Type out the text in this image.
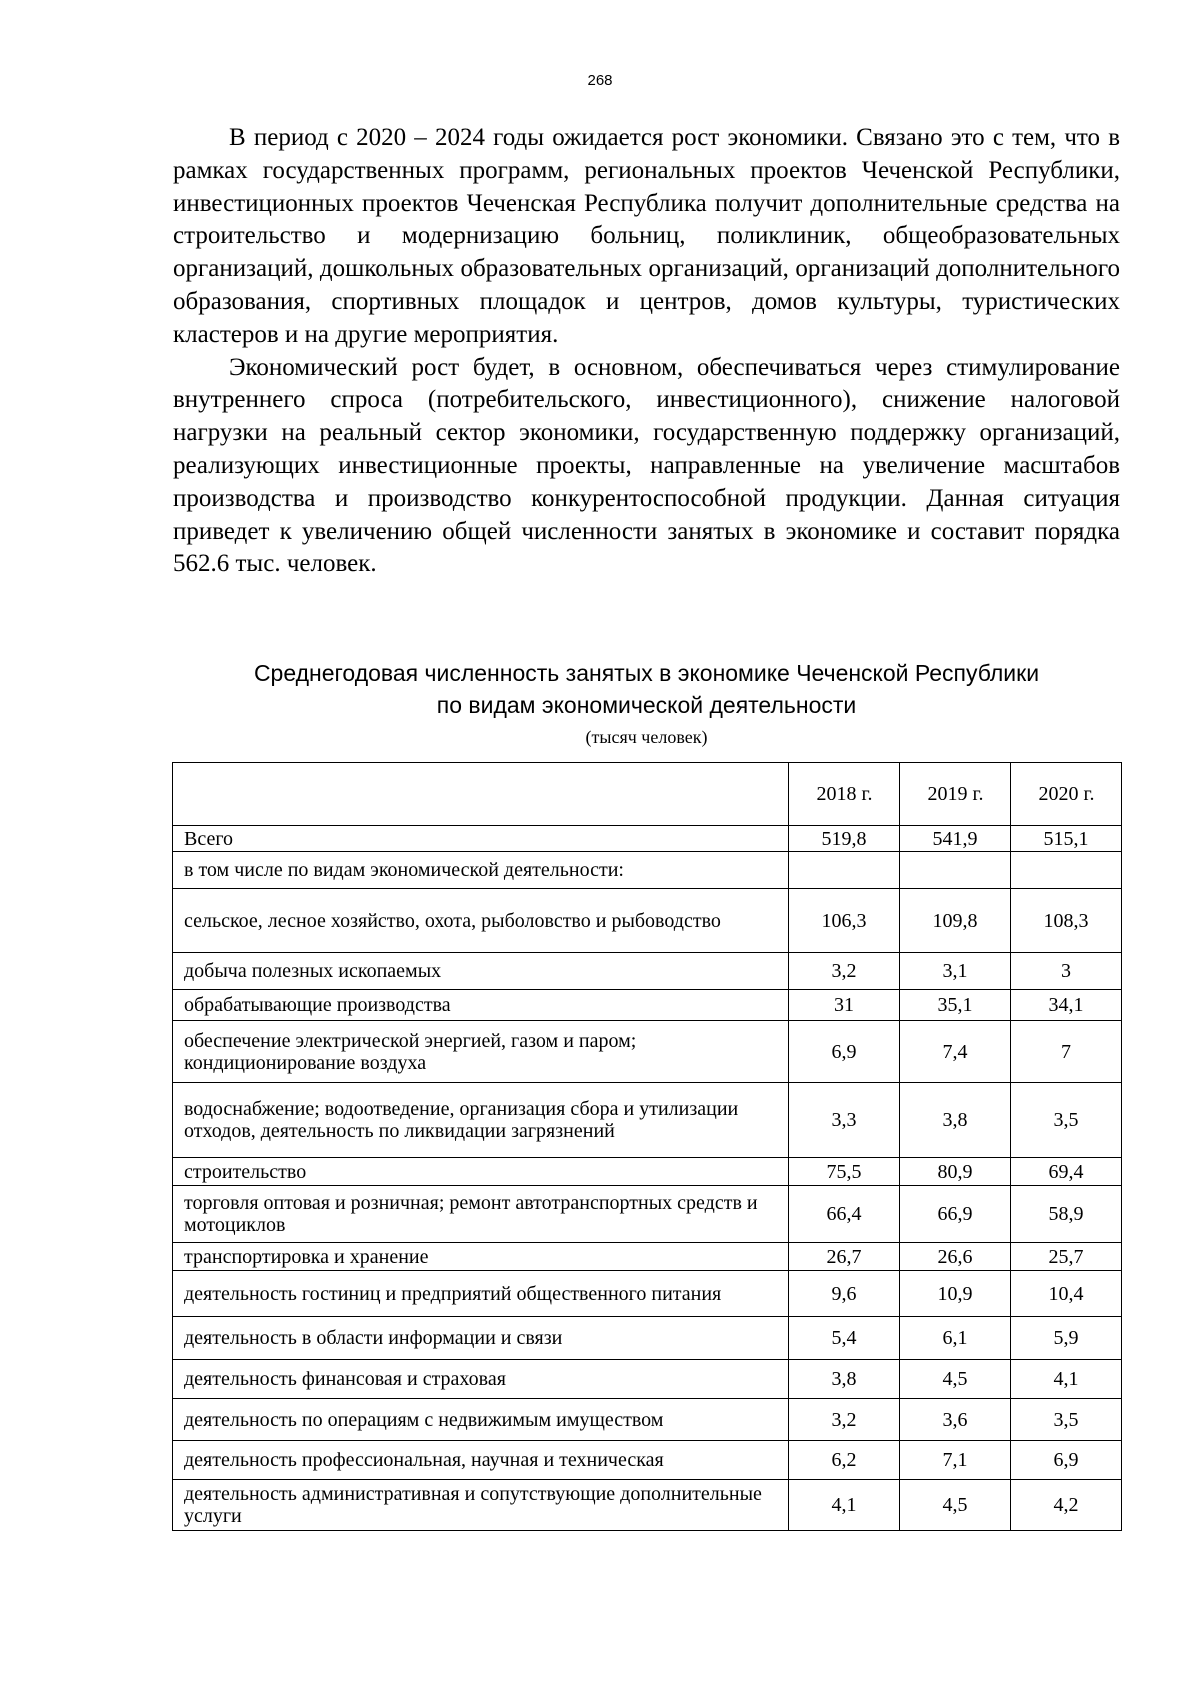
268

В период с 2020 – 2024 годы ожидается рост экономики. Связано это с тем, что в рамках государственных программ, региональных проектов Чеченской Республики, инвестиционных проектов Чеченская Республика получит дополнительные средства на строительство и модернизацию больниц, поликлиник, общеобразовательных организаций, дошкольных образовательных организаций, организаций дополнительного образования, спортивных площадок и центров, домов культуры, туристических кластеров и на другие мероприятия.

Экономический рост будет, в основном, обеспечиваться через стимулирование внутреннего спроса (потребительского, инвестиционного), снижение налоговой нагрузки на реальный сектор экономики, государственную поддержку организаций, реализующих инвестиционные проекты, направленные на увеличение масштабов производства и производство конкурентоспособной продукции. Данная ситуация приведет к увеличению общей численности занятых в экономике и составит порядка 562.6 тыс. человек.

Среднегодовая численность занятых в экономике Чеченской Республики
по видам экономической деятельности
(тысяч человек)
	2018 г.	2019 г.	2020 г.
Всего	519,8	541,9	515,1
в том числе по видам экономической деятельности:			
сельское, лесное хозяйство, охота, рыболовство и рыбоводство	106,3	109,8	108,3
добыча полезных ископаемых	3,2	3,1	3
обрабатывающие производства	31	35,1	34,1
обеспечение электрической энергией, газом и паром; кондиционирование воздуха	6,9	7,4	7
водоснабжение; водоотведение, организация сбора и утилизации отходов, деятельность по ликвидации загрязнений	3,3	3,8	3,5
строительство	75,5	80,9	69,4
торговля оптовая и розничная; ремонт автотранспортных средств и мотоциклов	66,4	66,9	58,9
транспортировка и хранение	26,7	26,6	25,7
деятельность гостиниц и предприятий общественного питания	9,6	10,9	10,4
деятельность в области информации и связи	5,4	6,1	5,9
деятельность финансовая и страховая	3,8	4,5	4,1
деятельность по операциям с недвижимым имуществом	3,2	3,6	3,5
деятельность профессиональная, научная и техническая	6,2	7,1	6,9
деятельность административная и сопутствующие дополнительные услуги	4,1	4,5	4,2
